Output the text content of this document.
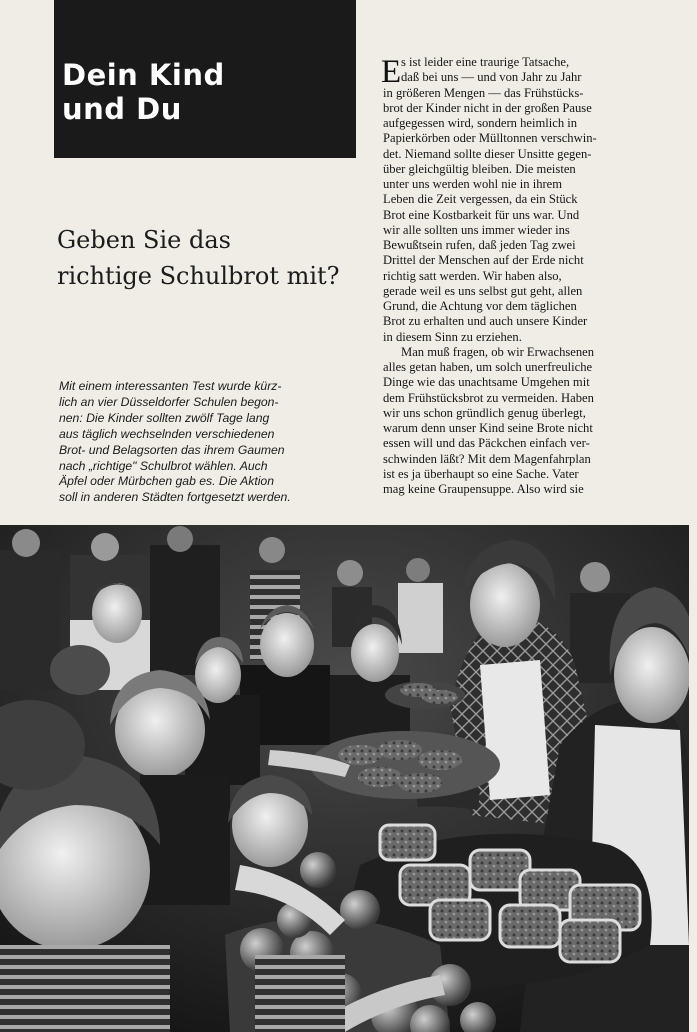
Dein Kind
und Du
Geben Sie das
richtige Schulbrot mit?
Mit einem interessanten Test wurde kürz-
lich an vier Düsseldorfer Schulen begon-
nen: Die Kinder sollten zwölf Tage lang
aus täglich wechselnden verschiedenen
Brot- und Belagsorten das ihrem Gaumen
nach „richtige" Schulbrot wählen. Auch
Äpfel oder Mürbchen gab es. Die Aktion
soll in anderen Städten fortgesetzt werden.
E s ist leider eine traurige Tatsache,
daß bei uns — und von Jahr zu Jahr
in größeren Mengen — das Frühstücks-
brot der Kinder nicht in der großen Pause
aufgegessen wird, sondern heimlich in
Papierkörben oder Mülltonnen verschwin-
det. Niemand sollte dieser Unsitte gegen-
über gleichgültig bleiben. Die meisten
unter uns werden wohl nie in ihrem
Leben die Zeit vergessen, da ein Stück
Brot eine Kostbarkeit für uns war. Und
wir alle sollten uns immer wieder ins
Bewußtsein rufen, daß jeden Tag zwei
Drittel der Menschen auf der Erde nicht
richtig satt werden. Wir haben also,
gerade weil es uns selbst gut geht, allen
Grund, die Achtung vor dem täglichen
Brot zu erhalten und auch unsere Kinder
in diesem Sinn zu erziehen.
Man muß fragen, ob wir Erwachsenen
alles getan haben, um solch unerfreuliche
Dinge wie das unachtsame Umgehen mit
dem Frühstücksbrot zu vermeiden. Haben
wir uns schon gründlich genug überlegt,
warum denn unser Kind seine Brote nicht
essen will und das Päckchen einfach ver-
schwinden läßt? Mit dem Magenfahrplan
ist es ja überhaupt so eine Sache. Vater
mag keine Graupensuppe. Also wird sie
